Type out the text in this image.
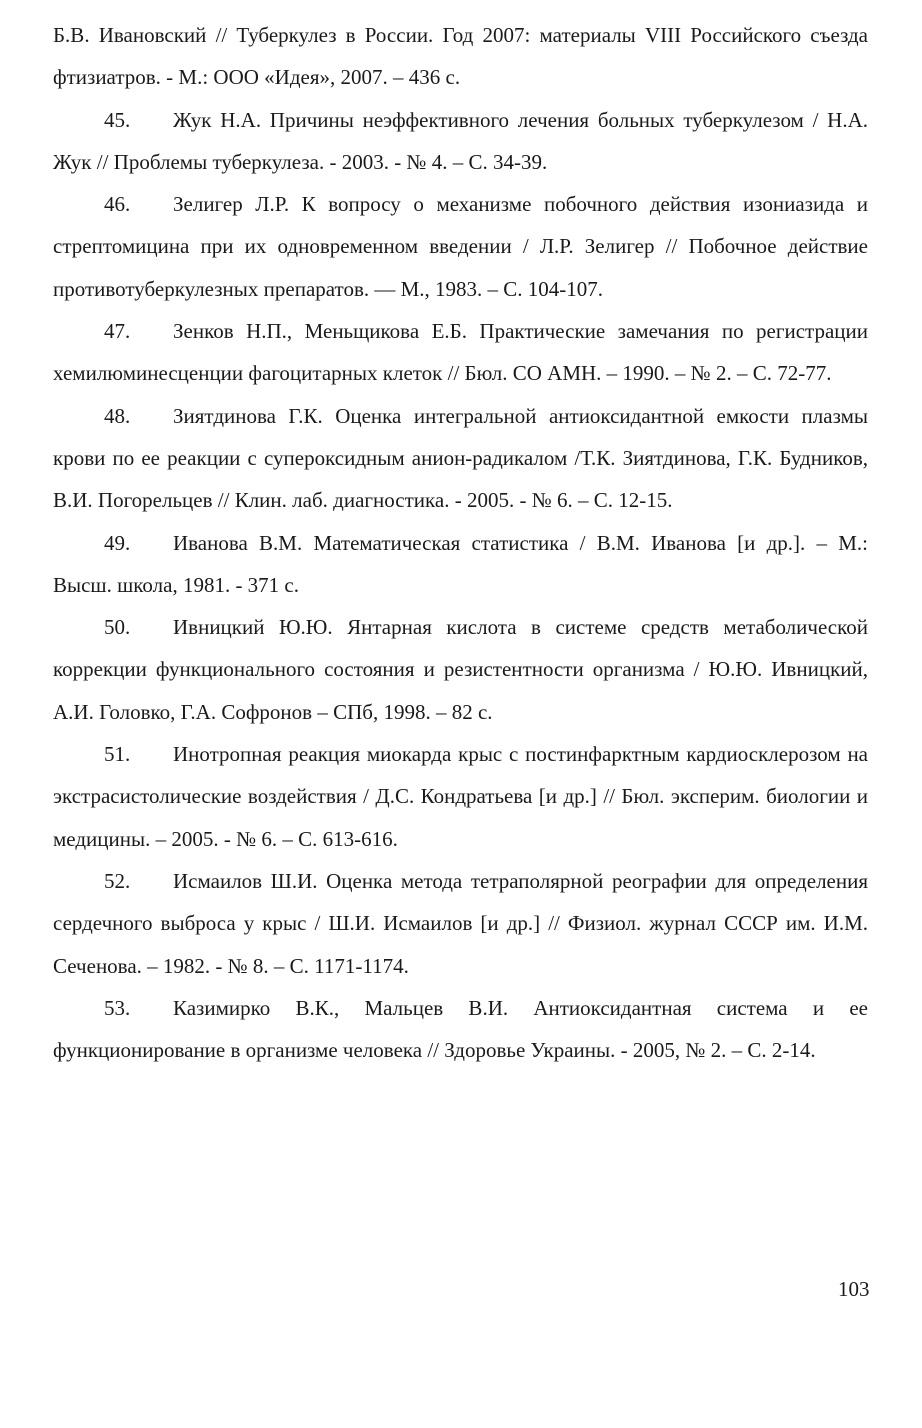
Б.В. Ивановский // Туберкулез в России. Год 2007: материалы VIII Российского съезда фтизиатров. - М.: ООО «Идея», 2007. – 436 с.

45. Жук Н.А. Причины неэффективного лечения больных туберкулезом / Н.А. Жук // Проблемы туберкулеза. - 2003. - № 4. – С. 34-39.

46. Зелигер Л.Р. К вопросу о механизме побочного действия изониазида и стрептомицина при их одновременном введении / Л.Р. Зелигер // Побочное действие противотуберкулезных препаратов. — М., 1983. – С. 104-107.

47. Зенков Н.П., Меньщикова Е.Б. Практические замечания по регистрации хемилюминесценции фагоцитарных клеток // Бюл. СО АМН. – 1990. – № 2. – С. 72-77.

48. Зиятдинова Г.К. Оценка интегральной антиоксидантной емкости плазмы крови по ее реакции с супероксидным анион-радикалом /Т.К. Зиятдинова, Г.К. Будников, В.И. Погорельцев // Клин. лаб. диагностика. - 2005. - № 6. – С. 12-15.

49. Иванова В.М. Математическая статистика / В.М. Иванова [и др.]. – М.: Высш. школа, 1981. - 371 с.

50. Ивницкий Ю.Ю. Янтарная кислота в системе средств метаболической коррекции функционального состояния и резистентности организма / Ю.Ю. Ивницкий, А.И. Головко, Г.А. Софронов – СПб, 1998. – 82 с.

51. Инотропная реакция миокарда крыс с постинфарктным кардиосклерозом на экстрасистолические воздействия / Д.С. Кондратьева [и др.] // Бюл. эксперим. биологии и медицины. – 2005. - № 6. – С. 613-616.

52. Исмаилов Ш.И. Оценка метода тетраполярной реографии для определения сердечного выброса у крыс / Ш.И. Исмаилов [и др.] // Физиол. журнал СССР им. И.М. Сеченова. – 1982. - № 8. – С. 1171-1174.

53. Казимирко В.К., Мальцев В.И. Антиоксидантная система и ее функционирование в организме человека // Здоровье Украины. - 2005, № 2. – С. 2-14.

103
